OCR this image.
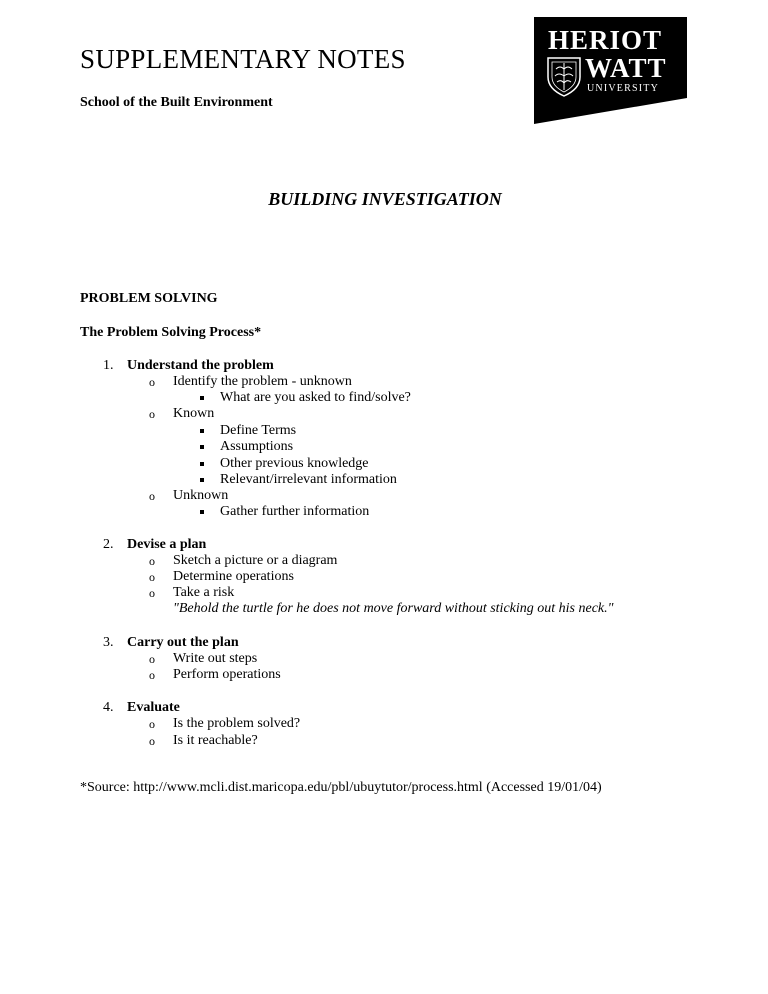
SUPPLEMENTARY NOTES
School of the Built Environment
HERIOT
WATT
UNIVERSITY
BUILDING INVESTIGATION
PROBLEM SOLVING
The Problem Solving Process*
1. Understand the problem
o Identify the problem - unknown
What are you asked to find/solve?
o Known
Define Terms
Assumptions
Other previous knowledge
Relevant/irrelevant information
o Unknown
Gather further information
2. Devise a plan
o Sketch a picture or a diagram
o Determine operations
o Take a risk
"Behold the turtle for he does not move forward without sticking out his neck."
3. Carry out the plan
o Write out steps
o Perform operations
4. Evaluate
o Is the problem solved?
o Is it reachable?
*Source: http://www.mcli.dist.maricopa.edu/pbl/ubuytutor/process.html (Accessed 19/01/04)
